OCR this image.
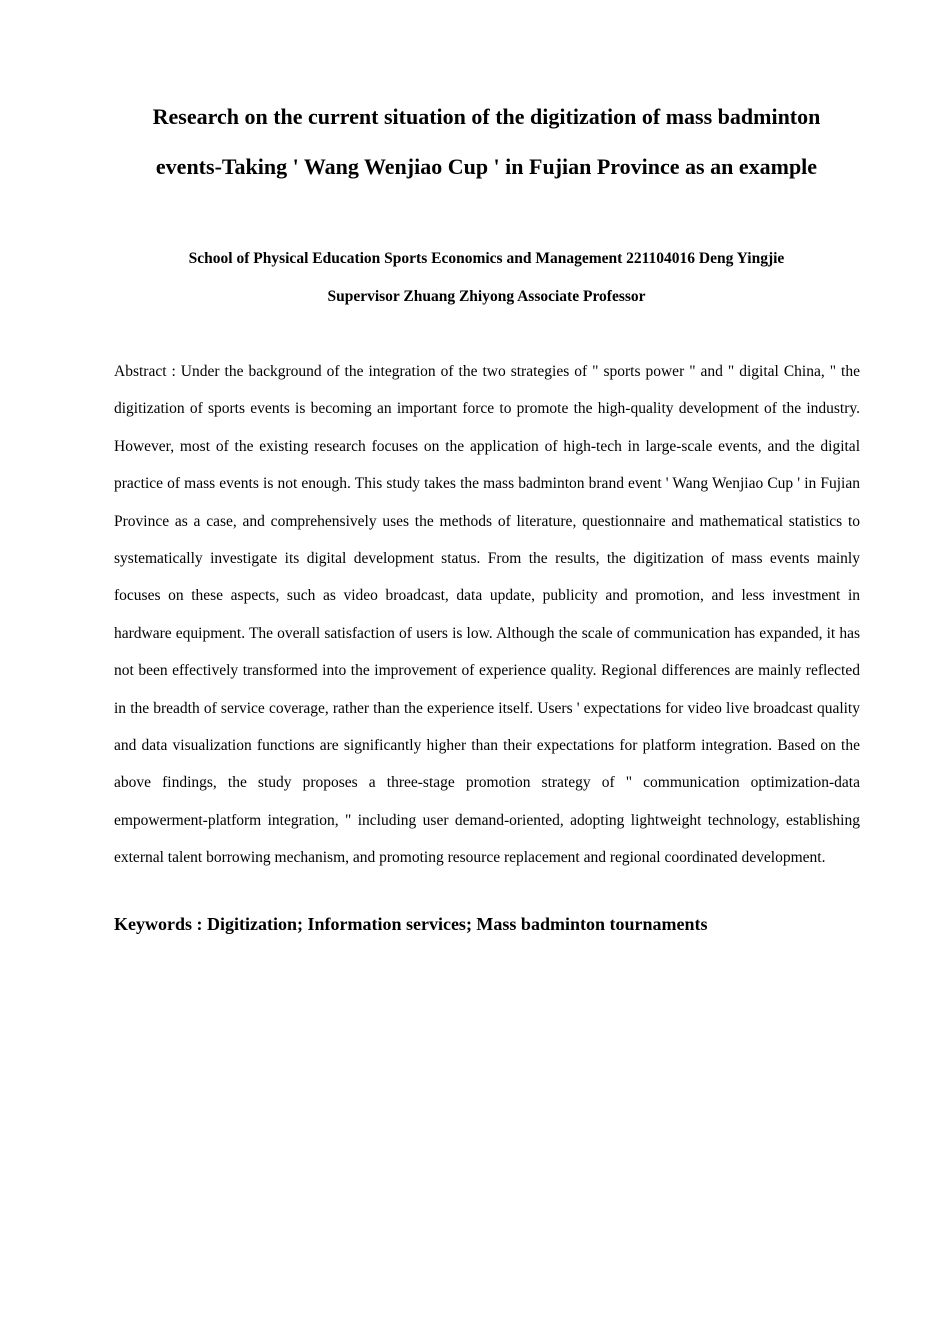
Research on the current situation of the digitization of mass badminton
events-Taking ' Wang Wenjiao Cup ' in Fujian Province as an example
School of Physical Education Sports Economics and Management 221104016 Deng Yingjie
Supervisor Zhuang Zhiyong Associate Professor

Abstract : Under the background of the integration of the two strategies of " sports power " and " digital China, " the digitization of sports events is becoming an important force to promote the high-quality development of the industry. However, most of the existing research focuses on the application of high-tech in large-scale events, and the digital practice of mass events is not enough. This study takes the mass badminton brand event ' Wang Wenjiao Cup ' in Fujian Province as a case, and comprehensively uses the methods of literature, questionnaire and mathematical statistics to systematically investigate its digital development status. From the results, the digitization of mass events mainly focuses on these aspects, such as video broadcast, data update, publicity and promotion, and less investment in hardware equipment. The overall satisfaction of users is low. Although the scale of communication has expanded, it has not been effectively transformed into the improvement of experience quality. Regional differences are mainly reflected in the breadth of service coverage, rather than the experience itself. Users ' expectations for video live broadcast quality and data visualization functions are significantly higher than their expectations for platform integration. Based on the above findings, the study proposes a three-stage promotion strategy of " communication optimization-data empowerment-platform integration, " including user demand-oriented, adopting lightweight technology, establishing external talent borrowing mechanism, and promoting resource replacement and regional coordinated development.

Keywords : Digitization; Information services; Mass badminton tournaments
